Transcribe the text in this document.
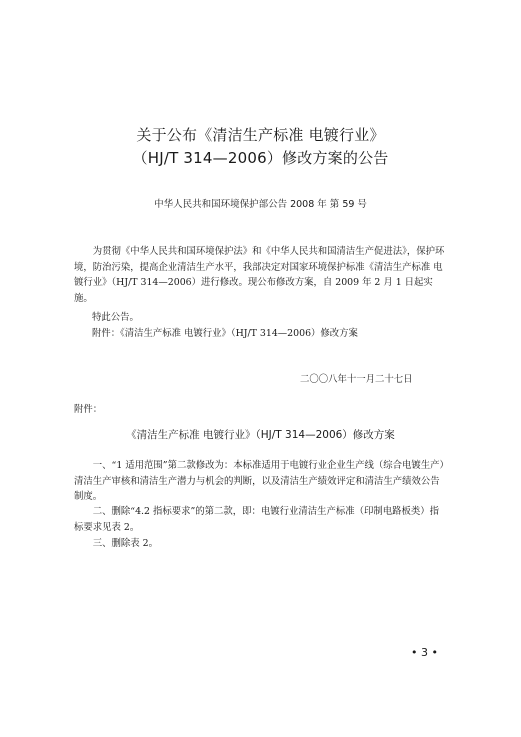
关于公布《清洁生产标准 电镀行业》
（HJ/T 314—2006）修改方案的公告
中华人民共和国环境保护部公告 2008 年 第 59 号
为贯彻《中华人民共和国环境保护法》和《中华人民共和国清洁生产促进法》，保护环境，防治污染，提高企业清洁生产水平，我部决定对国家环境保护标准《清洁生产标准 电镀行业》（HJ/T 314—2006）进行修改。现公布修改方案，自 2009 年 2 月 1 日起实施。
特此公告。
附件：《清洁生产标准 电镀行业》（HJ/T 314—2006）修改方案
二〇〇八年十一月二十七日
附件：
《清洁生产标准 电镀行业》（HJ/T 314—2006）修改方案
一、“1 适用范围”第二款修改为：本标准适用于电镀行业企业生产线（综合电镀生产）清洁生产审核和清洁生产潜力与机会的判断，以及清洁生产绩效评定和清洁生产绩效公告制度。
二、删除“4.2 指标要求”的第二款，即：电镀行业清洁生产标准（印制电路板类）指标要求见表 2。
三、删除表 2。
• 3 •
